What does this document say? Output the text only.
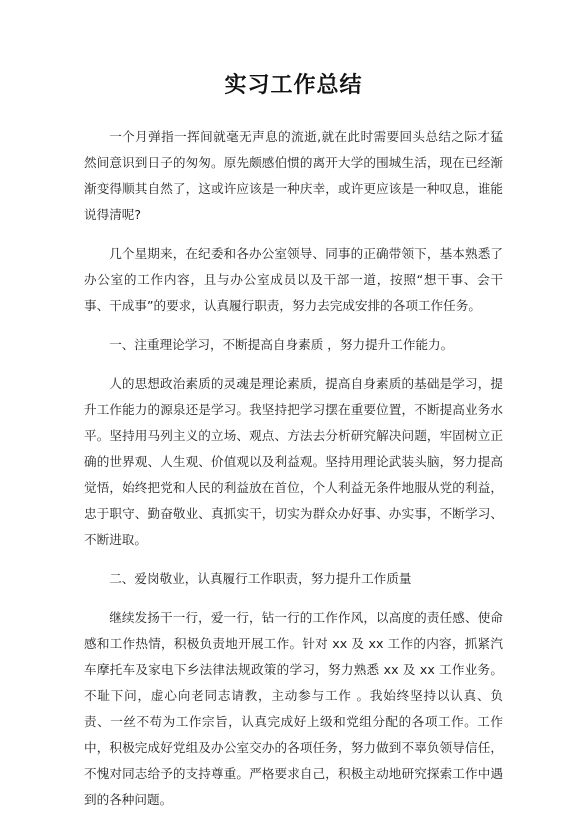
实习工作总结

一个月弹指一挥间就毫无声息的流逝,就在此时需要回头总结之际才猛然间意识到日子的匆匆。原先颇感伯惯的离开大学的围城生活，现在已经渐渐变得顺其自然了，这或许应该是一种庆幸，或许更应该是一种叹息，谁能说得清呢?

几个星期来，在纪委和各办公室领导、同事的正确带领下，基本熟悉了办公室的工作内容，且与办公室成员以及干部一道，按照“想干事、会干事、干成事”的要求，认真履行职责，努力去完成安排的各项工作任务。

一、注重理论学习，不断提高自身素质 ，努力提升工作能力。

人的思想政治素质的灵魂是理论素质，提高自身素质的基础是学习，提升工作能力的源泉还是学习。我坚持把学习摆在重要位置，不断提高业务水平。坚持用马列主义的立场、观点、方法去分析研究解决问题，牢固树立正确的世界观、人生观、价值观以及利益观。坚持用理论武装头脑，努力提高觉悟，始终把党和人民的利益放在首位，个人利益无条件地服从党的利益，忠于职守、勤奋敬业、真抓实干，切实为群众办好事、办实事，不断学习、不断进取。

二、爱岗敬业，认真履行工作职责，努力提升工作质量

继续发扬干一行，爱一行，钻一行的工作作风，以高度的责任感、使命感和工作热情，积极负责地开展工作。针对 xx 及 xx 工作的内容，抓紧汽车摩托车及家电下乡法律法规政策的学习，努力熟悉 xx 及 xx 工作业务。不耻下问，虚心向老同志请教，主动参与工作 。我始终坚持以认真、负责、一丝不苟为工作宗旨，认真完成好上级和党组分配的各项工作。工作中，积极完成好党组及办公室交办的各项任务，努力做到不辜负领导信任，不愧对同志给予的支持尊重。严格要求自己，积极主动地研究探索工作中遇到的各种问题。
